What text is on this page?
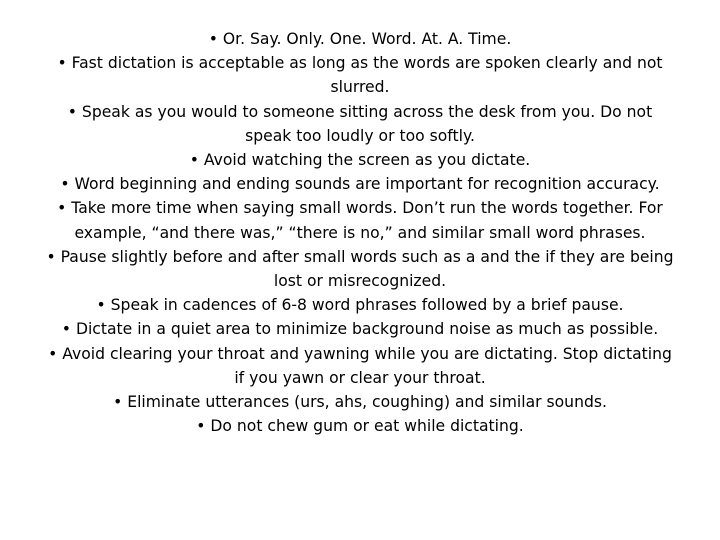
• Or. Say. Only. One. Word. At. A. Time.

• Fast dictation is acceptable as long as the words are spoken clearly and not slurred.

• Speak as you would to someone sitting across the desk from you. Do not speak too loudly or too softly.

• Avoid watching the screen as you dictate.

• Word beginning and ending sounds are important for recognition accuracy.

• Take more time when saying small words. Don’t run the words together. For example, “and there was,” “there is no,” and similar small word phrases.

• Pause slightly before and after small words such as a and the if they are being lost or misrecognized.

• Speak in cadences of 6-8 word phrases followed by a brief pause.

• Dictate in a quiet area to minimize background noise as much as possible.

• Avoid clearing your throat and yawning while you are dictating. Stop dictating if you yawn or clear your throat.

• Eliminate utterances (urs, ahs, coughing) and similar sounds.

• Do not chew gum or eat while dictating.
